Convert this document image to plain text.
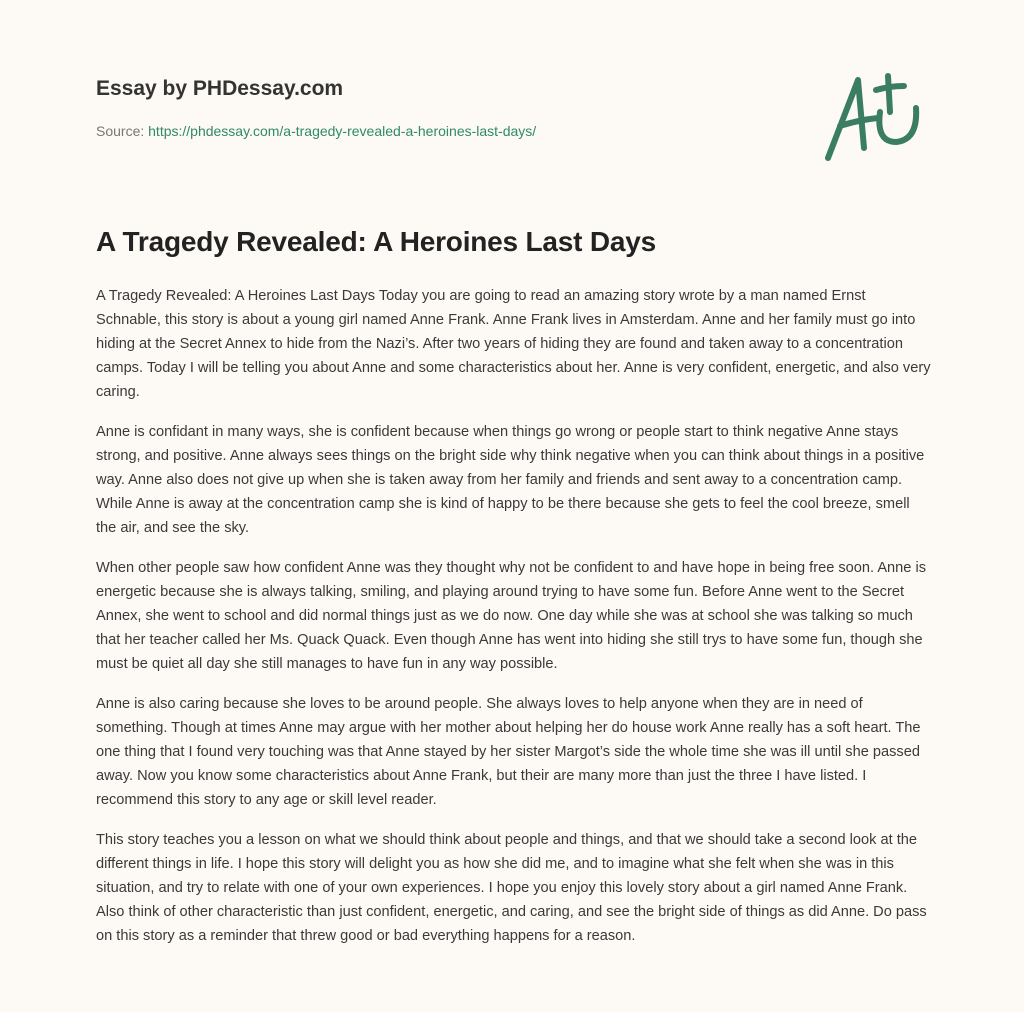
Essay by PHDessay.com
Source: https://phdessay.com/a-tragedy-revealed-a-heroines-last-days/
A Tragedy Revealed: A Heroines Last Days

A Tragedy Revealed: A Heroines Last Days Today you are going to read an amazing story wrote by a man named Ernst Schnable, this story is about a young girl named Anne Frank. Anne Frank lives in Amsterdam. Anne and her family must go into hiding at the Secret Annex to hide from the Nazi’s. After two years of hiding they are found and taken away to a concentration camps. Today I will be telling you about Anne and some characteristics about her. Anne is very confident, energetic, and also very caring.

Anne is confidant in many ways, she is confident because when things go wrong or people start to think negative Anne stays strong, and positive. Anne always sees things on the bright side why think negative when you can think about things in a positive way. Anne also does not give up when she is taken away from her family and friends and sent away to a concentration camp. While Anne is away at the concentration camp she is kind of happy to be there because she gets to feel the cool breeze, smell the air, and see the sky.

When other people saw how confident Anne was they thought why not be confident to and have hope in being free soon. Anne is energetic because she is always talking, smiling, and playing around trying to have some fun. Before Anne went to the Secret Annex, she went to school and did normal things just as we do now. One day while she was at school she was talking so much that her teacher called her Ms. Quack Quack. Even though Anne has went into hiding she still trys to have some fun, though she must be quiet all day she still manages to have fun in any way possible.

Anne is also caring because she loves to be around people. She always loves to help anyone when they are in need of something. Though at times Anne may argue with her mother about helping her do house work Anne really has a soft heart. The one thing that I found very touching was that Anne stayed by her sister Margot’s side the whole time she was ill until she passed away. Now you know some characteristics about Anne Frank, but their are many more than just the three I have listed. I recommend this story to any age or skill level reader.

This story teaches you a lesson on what we should think about people and things, and that we should take a second look at the different things in life. I hope this story will delight you as how she did me, and to imagine what she felt when she was in this situation, and try to relate with one of your own experiences. I hope you enjoy this lovely story about a girl named Anne Frank. Also think of other characteristic than just confident, energetic, and caring, and see the bright side of things as did Anne. Do pass on this story as a reminder that threw good or bad everything happens for a reason.
